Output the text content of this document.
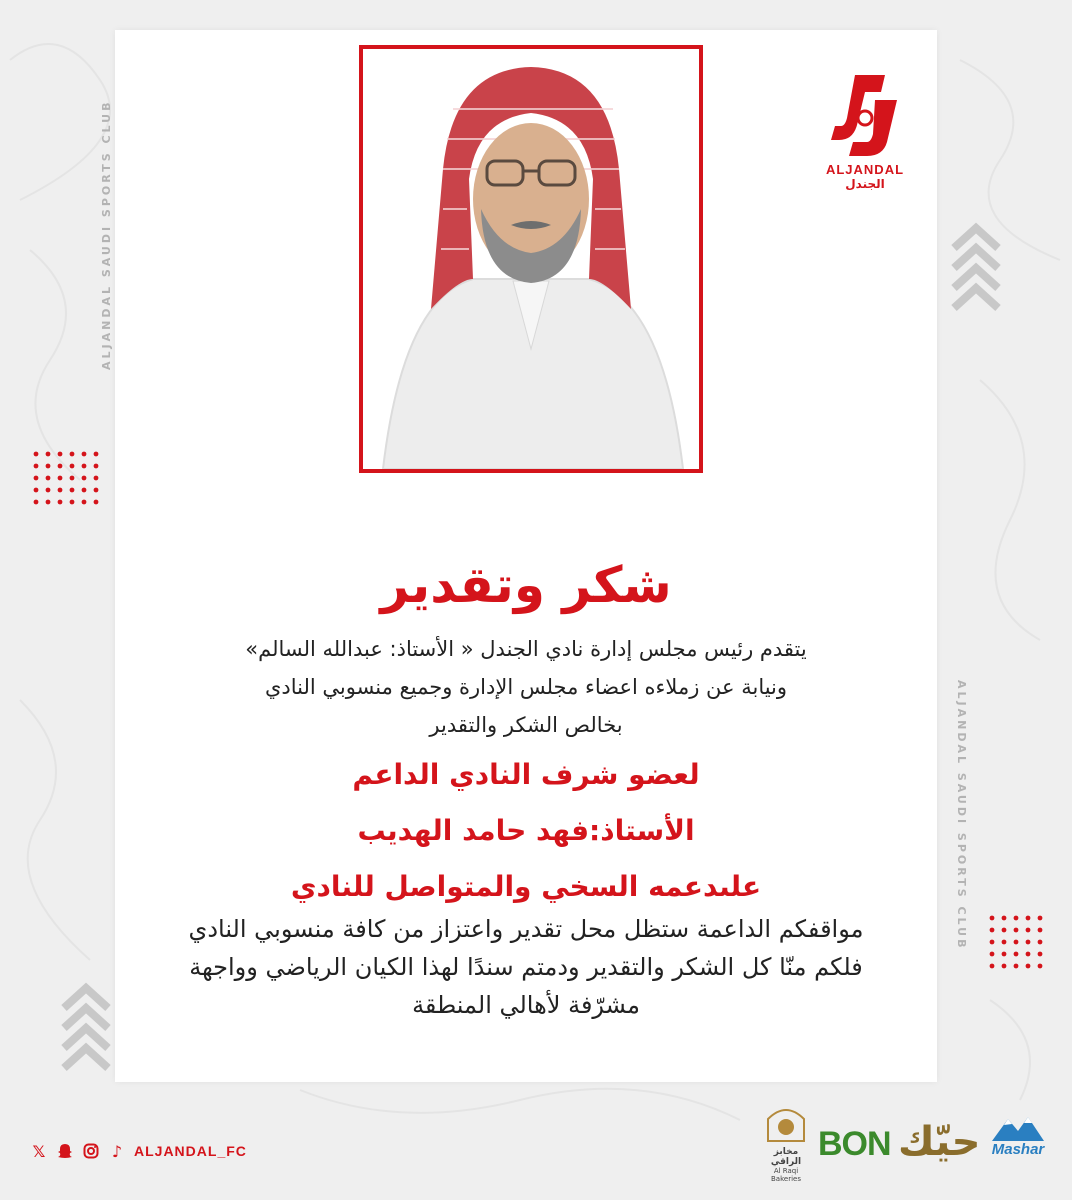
ALJANDAL SAUDI SPORTS CLUB
ALJANDAL SAUDI SPORTS CLUB
ALJANDAL
الجندل
شكر وتقدير
يتقدم رئيس مجلس إدارة نادي الجندل « الأستاذ: عبدالله السالم»
ونيابة عن زملاءه اعضاء مجلس الإدارة وجميع منسوبي النادي
بخالص الشكر والتقدير
لعضو شرف النادي الداعم
الأستاذ:فهد حامد الهديب
علىدعمه السخي والمتواصل للنادي
مواقفكم الداعمة ستظل محل تقدير واعتزاز من كافة منسوبي النادي
فلكم منّا كل الشكر والتقدير ودمتم سندًا لهذا الكيان الرياضي وواجهة
مشرّفة لأهالي المنطقة
𝕏	♪ ALJANDAL_FC	مخابز الراقي
Al Raqi Bakeries
BON حيّك Mashar
